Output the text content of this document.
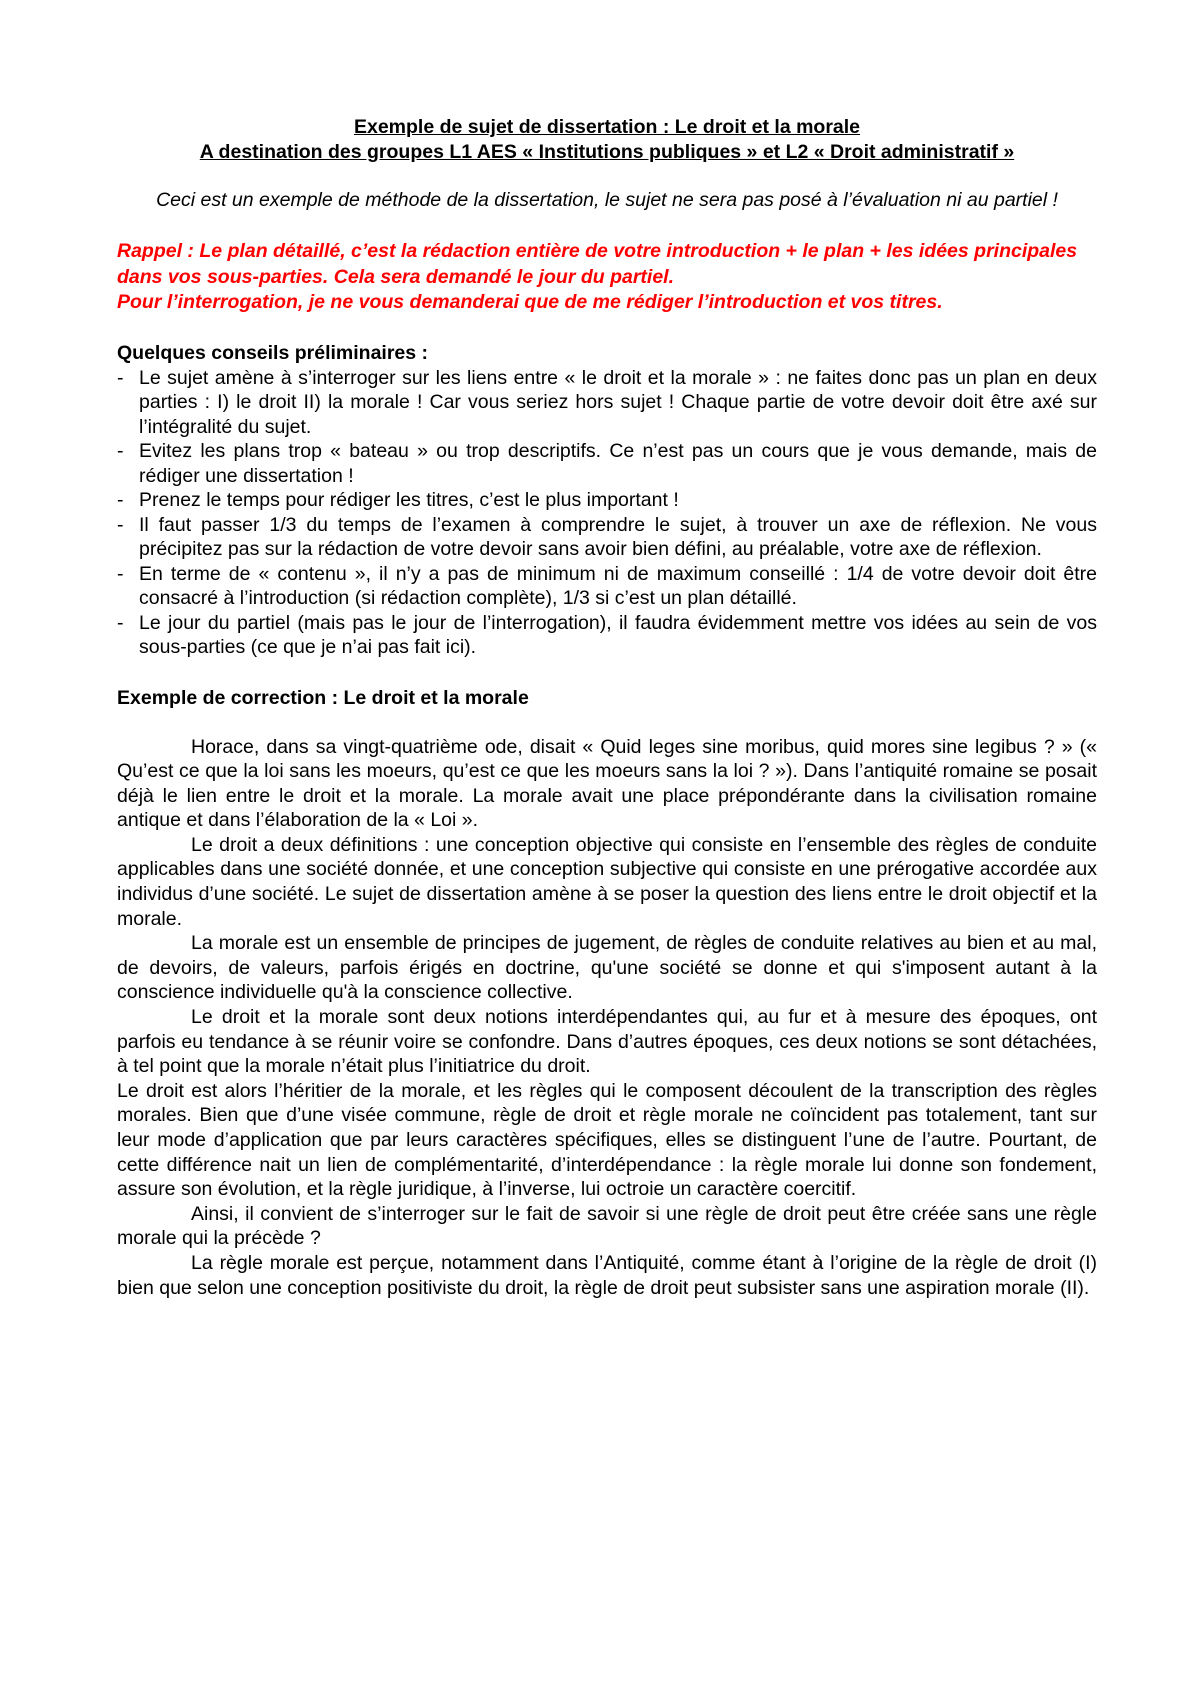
Exemple de sujet de dissertation : Le droit et la morale

A destination des groupes L1 AES « Institutions publiques » et L2 « Droit administratif »

Ceci est un exemple de méthode de la dissertation, le sujet ne sera pas posé à l’évaluation ni au partiel !

Rappel : Le plan détaillé, c’est la rédaction entière de votre introduction + le plan + les idées principales dans vos sous-parties. Cela sera demandé le jour du partiel.

Pour l’interrogation, je ne vous demanderai que de me rédiger l’introduction et vos titres.

Quelques conseils préliminaires :

- Le sujet amène à s’interroger sur les liens entre « le droit et la morale » : ne faites donc pas un plan en deux parties : I) le droit II) la morale ! Car vous seriez hors sujet ! Chaque partie de votre devoir doit être axé sur l’intégralité du sujet.
- Evitez les plans trop « bateau » ou trop descriptifs. Ce n’est pas un cours que je vous demande, mais de rédiger une dissertation !
- Prenez le temps pour rédiger les titres, c’est le plus important !
- Il faut passer 1/3 du temps de l’examen à comprendre le sujet, à trouver un axe de réflexion. Ne vous précipitez pas sur la rédaction de votre devoir sans avoir bien défini, au préalable, votre axe de réflexion.
- En terme de « contenu », il n’y a pas de minimum ni de maximum conseillé : 1/4 de votre devoir doit être consacré à l’introduction (si rédaction complète), 1/3 si c’est un plan détaillé.
- Le jour du partiel (mais pas le jour de l’interrogation), il faudra évidemment mettre vos idées au sein de vos sous-parties (ce que je n’ai pas fait ici).

Exemple de correction : Le droit et la morale

Horace, dans sa vingt-quatrième ode, disait « Quid leges sine moribus, quid mores sine legibus ? » (« Qu’est ce que la loi sans les moeurs, qu’est ce que les moeurs sans la loi ? »). Dans l’antiquité romaine se posait déjà le lien entre le droit et la morale. La morale avait une place prépondérante dans la civilisation romaine antique et dans l’élaboration de la « Loi ».

Le droit a deux définitions : une conception objective qui consiste en l’ensemble des règles de conduite applicables dans une société donnée, et une conception subjective qui consiste en une prérogative accordée aux individus d’une société. Le sujet de dissertation amène à se poser la question des liens entre le droit objectif et la morale.

La morale est un ensemble de principes de jugement, de règles de conduite relatives au bien et au mal, de devoirs, de valeurs, parfois érigés en doctrine, qu'une société se donne et qui s'imposent autant à la conscience individuelle qu'à la conscience collective.

Le droit et la morale sont deux notions interdépendantes qui, au fur et à mesure des époques, ont parfois eu tendance à se réunir voire se confondre. Dans d’autres époques, ces deux notions se sont détachées, à tel point que la morale n’était plus l’initiatrice du droit.

Le droit est alors l’héritier de la morale, et les règles qui le composent découlent de la transcription des règles morales. Bien que d’une visée commune, règle de droit et règle morale ne coïncident pas totalement, tant sur leur mode d’application que par leurs caractères spécifiques, elles se distinguent l’une de l’autre. Pourtant, de cette différence nait un lien de complémentarité, d’interdépendance : la règle morale lui donne son fondement, assure son évolution, et la règle juridique, à l’inverse, lui octroie un caractère coercitif.

Ainsi, il convient de s’interroger sur le fait de savoir si une règle de droit peut être créée sans une règle morale qui la précède ?

La règle morale est perçue, notamment dans l’Antiquité, comme étant à l’origine de la règle de droit (I) bien que selon une conception positiviste du droit, la règle de droit peut subsister sans une aspiration morale (II).
